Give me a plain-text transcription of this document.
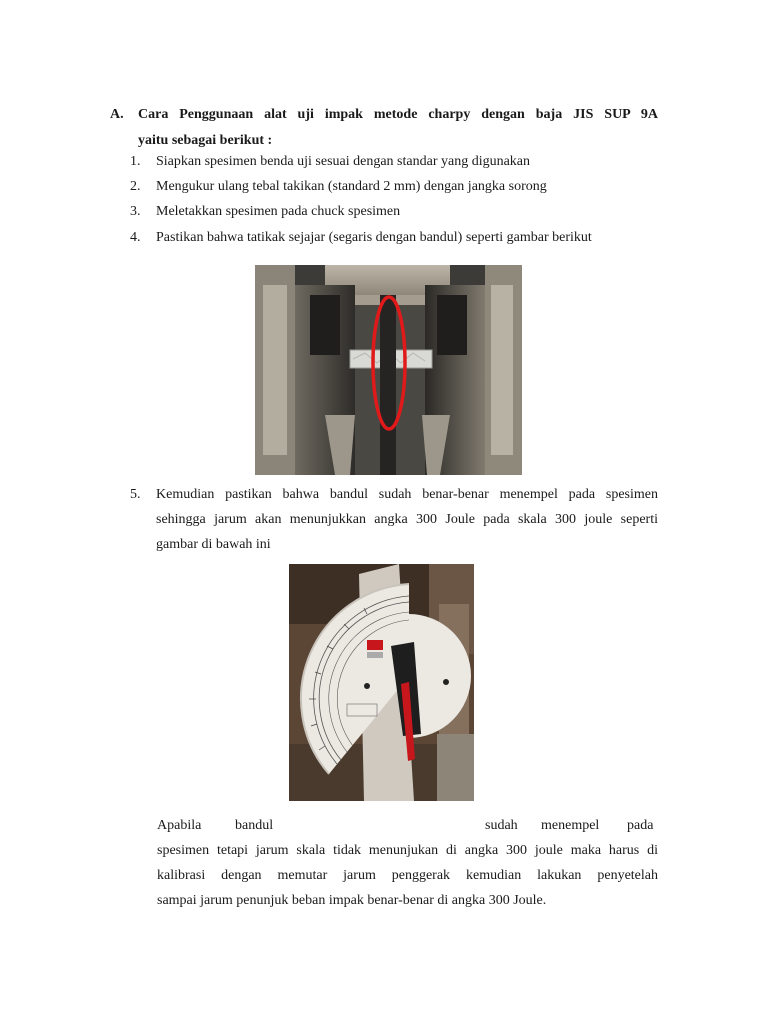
A. Cara Penggunaan alat uji impak metode charpy dengan baja JIS SUP 9A
yaitu sebagai berikut :
1.	Siapkan spesimen benda uji sesuai dengan standar yang digunakan
2.	Mengukur ulang tebal takikan (standard 2 mm) dengan jangka sorong
3.	Meletakkan spesimen pada chuck spesimen
4.	Pastikan bahwa tatikak sejajar (segaris dengan bandul) seperti gambar berikut
5. Kemudian pastikan bahwa bandul sudah benar-benar menempel pada spesimen
sehingga jarum akan menunjukkan angka 300 Joule pada skala 300 joule seperti
gambar di bawah ini
Apabila bandul	sudah menempel pada
spesimen tetapi jarum skala tidak menunjukan di angka 300 joule maka harus di
kalibrasi dengan memutar jarum penggerak kemudian lakukan penyetelah
sampai jarum penunjuk beban impak benar-benar di angka 300 Joule.
